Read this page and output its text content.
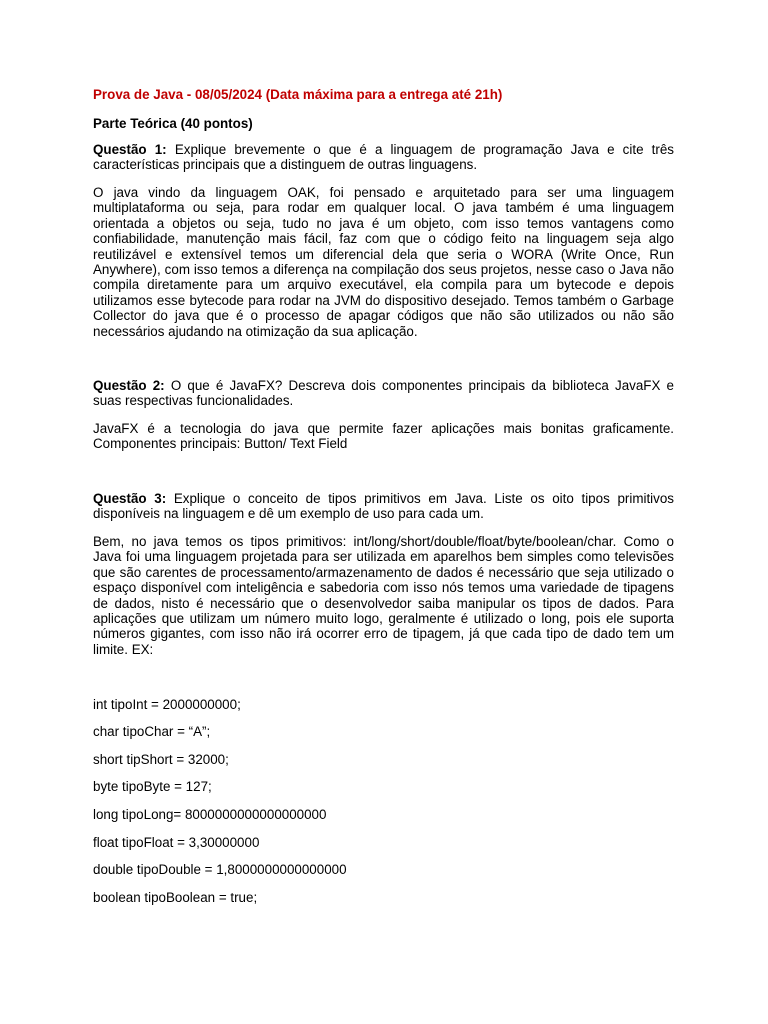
Prova de Java - 08/05/2024 (Data máxima para a entrega até 21h)
Parte Teórica (40 pontos)

Questão 1: Explique brevemente o que é a linguagem de programação Java e cite três características principais que a distinguem de outras linguagens.

O java vindo da linguagem OAK, foi pensado e arquitetado para ser uma linguagem multiplataforma ou seja, para rodar em qualquer local. O java também é uma linguagem orientada a objetos ou seja, tudo no java é um objeto, com isso temos vantagens como confiabilidade, manutenção mais fácil, faz com que o código feito na linguagem seja algo reutilizável e extensível temos um diferencial dela que seria o WORA (Write Once, Run Anywhere), com isso temos a diferença na compilação dos seus projetos, nesse caso o Java não compila diretamente para um arquivo executável, ela compila para um bytecode e depois utilizamos esse bytecode para rodar na JVM do dispositivo desejado. Temos também o Garbage Collector do java que é o processo de apagar códigos que não são utilizados ou não são necessários ajudando na otimização da sua aplicação.

Questão 2: O que é JavaFX? Descreva dois componentes principais da biblioteca JavaFX e suas respectivas funcionalidades.

JavaFX é a tecnologia do java que permite fazer aplicações mais bonitas graficamente. Componentes principais: Button/ Text Field

Questão 3: Explique o conceito de tipos primitivos em Java. Liste os oito tipos primitivos disponíveis na linguagem e dê um exemplo de uso para cada um.

Bem, no java temos os tipos primitivos: int/long/short/double/float/byte/boolean/char. Como o Java foi uma linguagem projetada para ser utilizada em aparelhos bem simples como televisões que são carentes de processamento/armazenamento de dados é necessário que seja utilizado o espaço disponível com inteligência e sabedoria com isso nós temos uma variedade de tipagens de dados, nisto é necessário que o desenvolvedor saiba manipular os tipos de dados. Para aplicações que utilizam um número muito logo, geralmente é utilizado o long, pois ele suporta números gigantes, com isso não irá ocorrer erro de tipagem, já que cada tipo de dado tem um limite. EX:

int tipoInt = 2000000000;

char tipoChar = “A”;

short tipShort = 32000;

byte tipoByte = 127;

long tipoLong= 8000000000000000000

float tipoFloat = 3,30000000

double tipoDouble = 1,8000000000000000

boolean tipoBoolean = true;
